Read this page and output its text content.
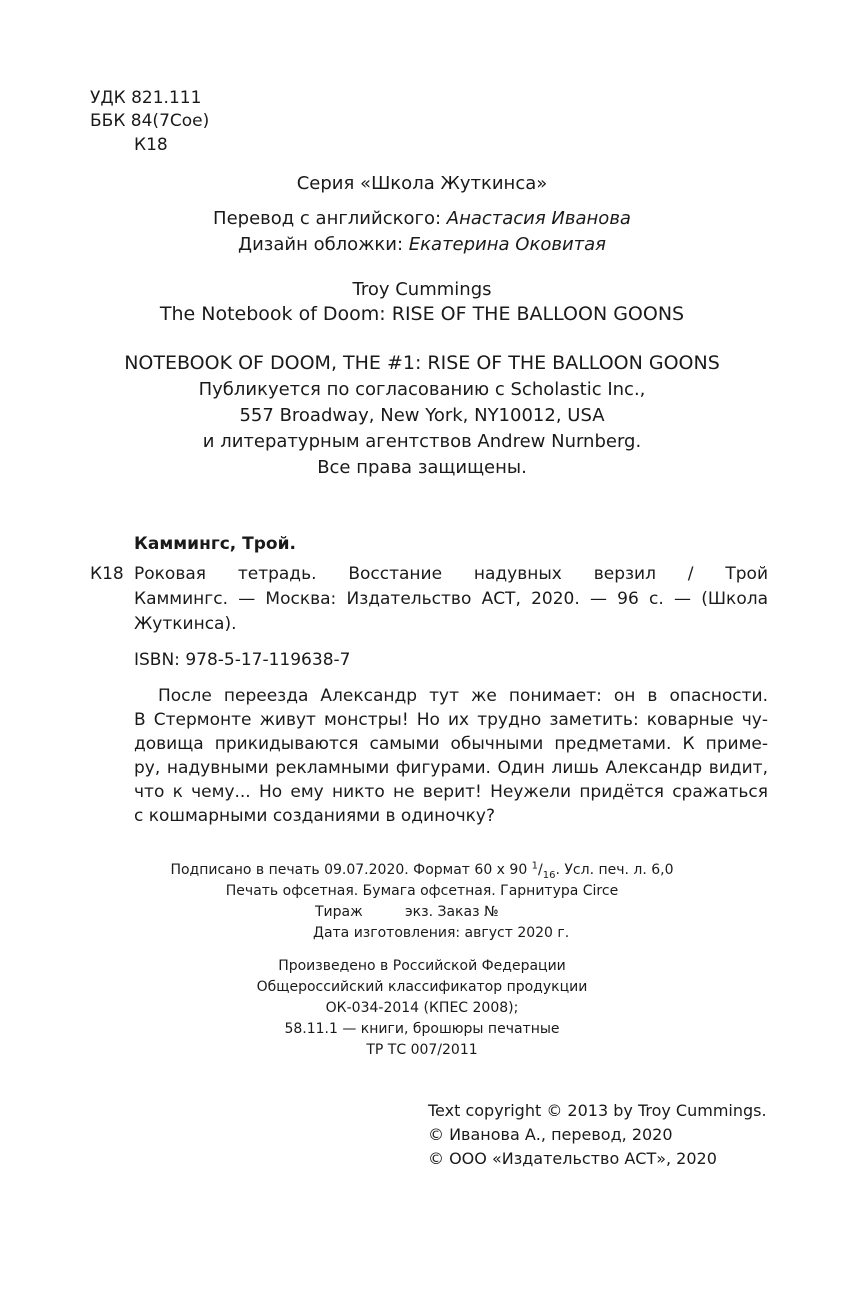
УДК 821.111
ББК 84(7Сое)
К18
Серия «Школа Жуткинса»
Перевод с английского: Анастасия Иванова
Дизайн обложки: Екатерина Оковитая
Troy Cummings
The Notebook of Doom: RISE OF THE BALLOON GOONS
NOTEBOOK OF DOOM, THE #1: RISE OF THE BALLOON GOONS
Публикуется по согласованию с Scholastic Inc.,
557 Broadway, New York, NY10012, USA
и литературным агентствов Andrew Nurnberg.
Все права защищены.
Каммингс, Трой.
К18 Роковая тетрадь. Восстание надувных верзил / Трой
Каммингс. — Москва: Издательство АСТ, 2020. — 96 с. — (Школа
Жуткинса).
ISBN: 978-5-17-119638-7
После переезда Александр тут же понимает: он в опасности.
В Стермонте живут монстры! Но их трудно заметить: коварные чу-
довища прикидываются самыми обычными предметами. К приме-
ру, надувными рекламными фигурами. Один лишь Александр видит,
что к чему... Но ему никто не верит! Неужели придётся сражаться
с кошмарными созданиями в одиночку?
Подписано в печать 09.07.2020. Формат 60 х 90 $^1/_{16}$. Усл. печ. л. 6,0
Печать офсетная. Бумага офсетная. Гарнитура Circe
Тираж	экз. Заказ №
Дата изготовления: август 2020 г.
Произведено в Российской Федерации
Общероссийский классификатор продукции
ОК-034-2014 (КПЕС 2008);
58.11.1 — книги, брошюры печатные
ТР ТС 007/2011
Text copyright © 2013 by Troy Cummings.
© Иванова А., перевод, 2020
© ООО «Издательство АСТ», 2020
